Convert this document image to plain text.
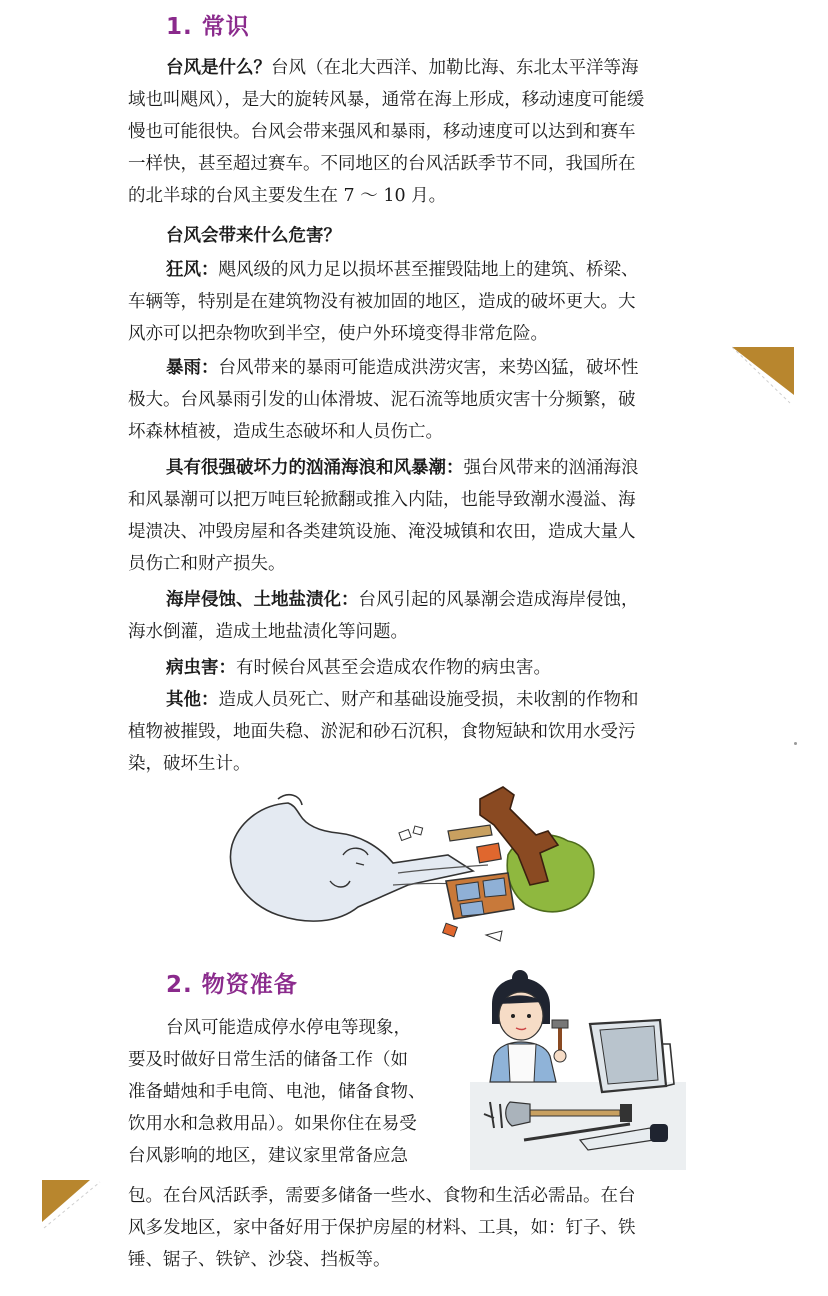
1. 常识
台风是什么？台风（在北大西洋、加勒比海、东北太平洋等海
域也叫飓风），是大的旋转风暴，通常在海上形成，移动速度可能缓
慢也可能很快。台风会带来强风和暴雨，移动速度可以达到和赛车
一样快，甚至超过赛车。不同地区的台风活跃季节不同，我国所在
的北半球的台风主要发生在 7 ～ 10 月。
台风会带来什么危害？
狂风：飓风级的风力足以损坏甚至摧毁陆地上的建筑、桥梁、
车辆等，特别是在建筑物没有被加固的地区，造成的破坏更大。大
风亦可以把杂物吹到半空，使户外环境变得非常危险。
暴雨：台风带来的暴雨可能造成洪涝灾害，来势凶猛，破坏性
极大。台风暴雨引发的山体滑坡、泥石流等地质灾害十分频繁，破
坏森林植被，造成生态破坏和人员伤亡。
具有很强破坏力的汹涌海浪和风暴潮：强台风带来的汹涌海浪
和风暴潮可以把万吨巨轮掀翻或推入内陆，也能导致潮水漫溢、海
堤溃决、冲毁房屋和各类建筑设施、淹没城镇和农田，造成大量人
员伤亡和财产损失。
海岸侵蚀、土地盐渍化：台风引起的风暴潮会造成海岸侵蚀，
海水倒灌，造成土地盐渍化等问题。
病虫害：有时候台风甚至会造成农作物的病虫害。
其他：造成人员死亡、财产和基础设施受损，未收割的作物和
植物被摧毁，地面失稳、淤泥和砂石沉积，食物短缺和饮用水受污
染，破坏生计。
2. 物资准备
台风可能造成停水停电等现象，
要及时做好日常生活的储备工作（如
准备蜡烛和手电筒、电池，储备食物、
饮用水和急救用品）。如果你住在易受
台风影响的地区，建议家里常备应急
包。在台风活跃季，需要多储备一些水、食物和生活必需品。在台
风多发地区，家中备好用于保护房屋的材料、工具，如：钉子、铁
锤、锯子、铁铲、沙袋、挡板等。
